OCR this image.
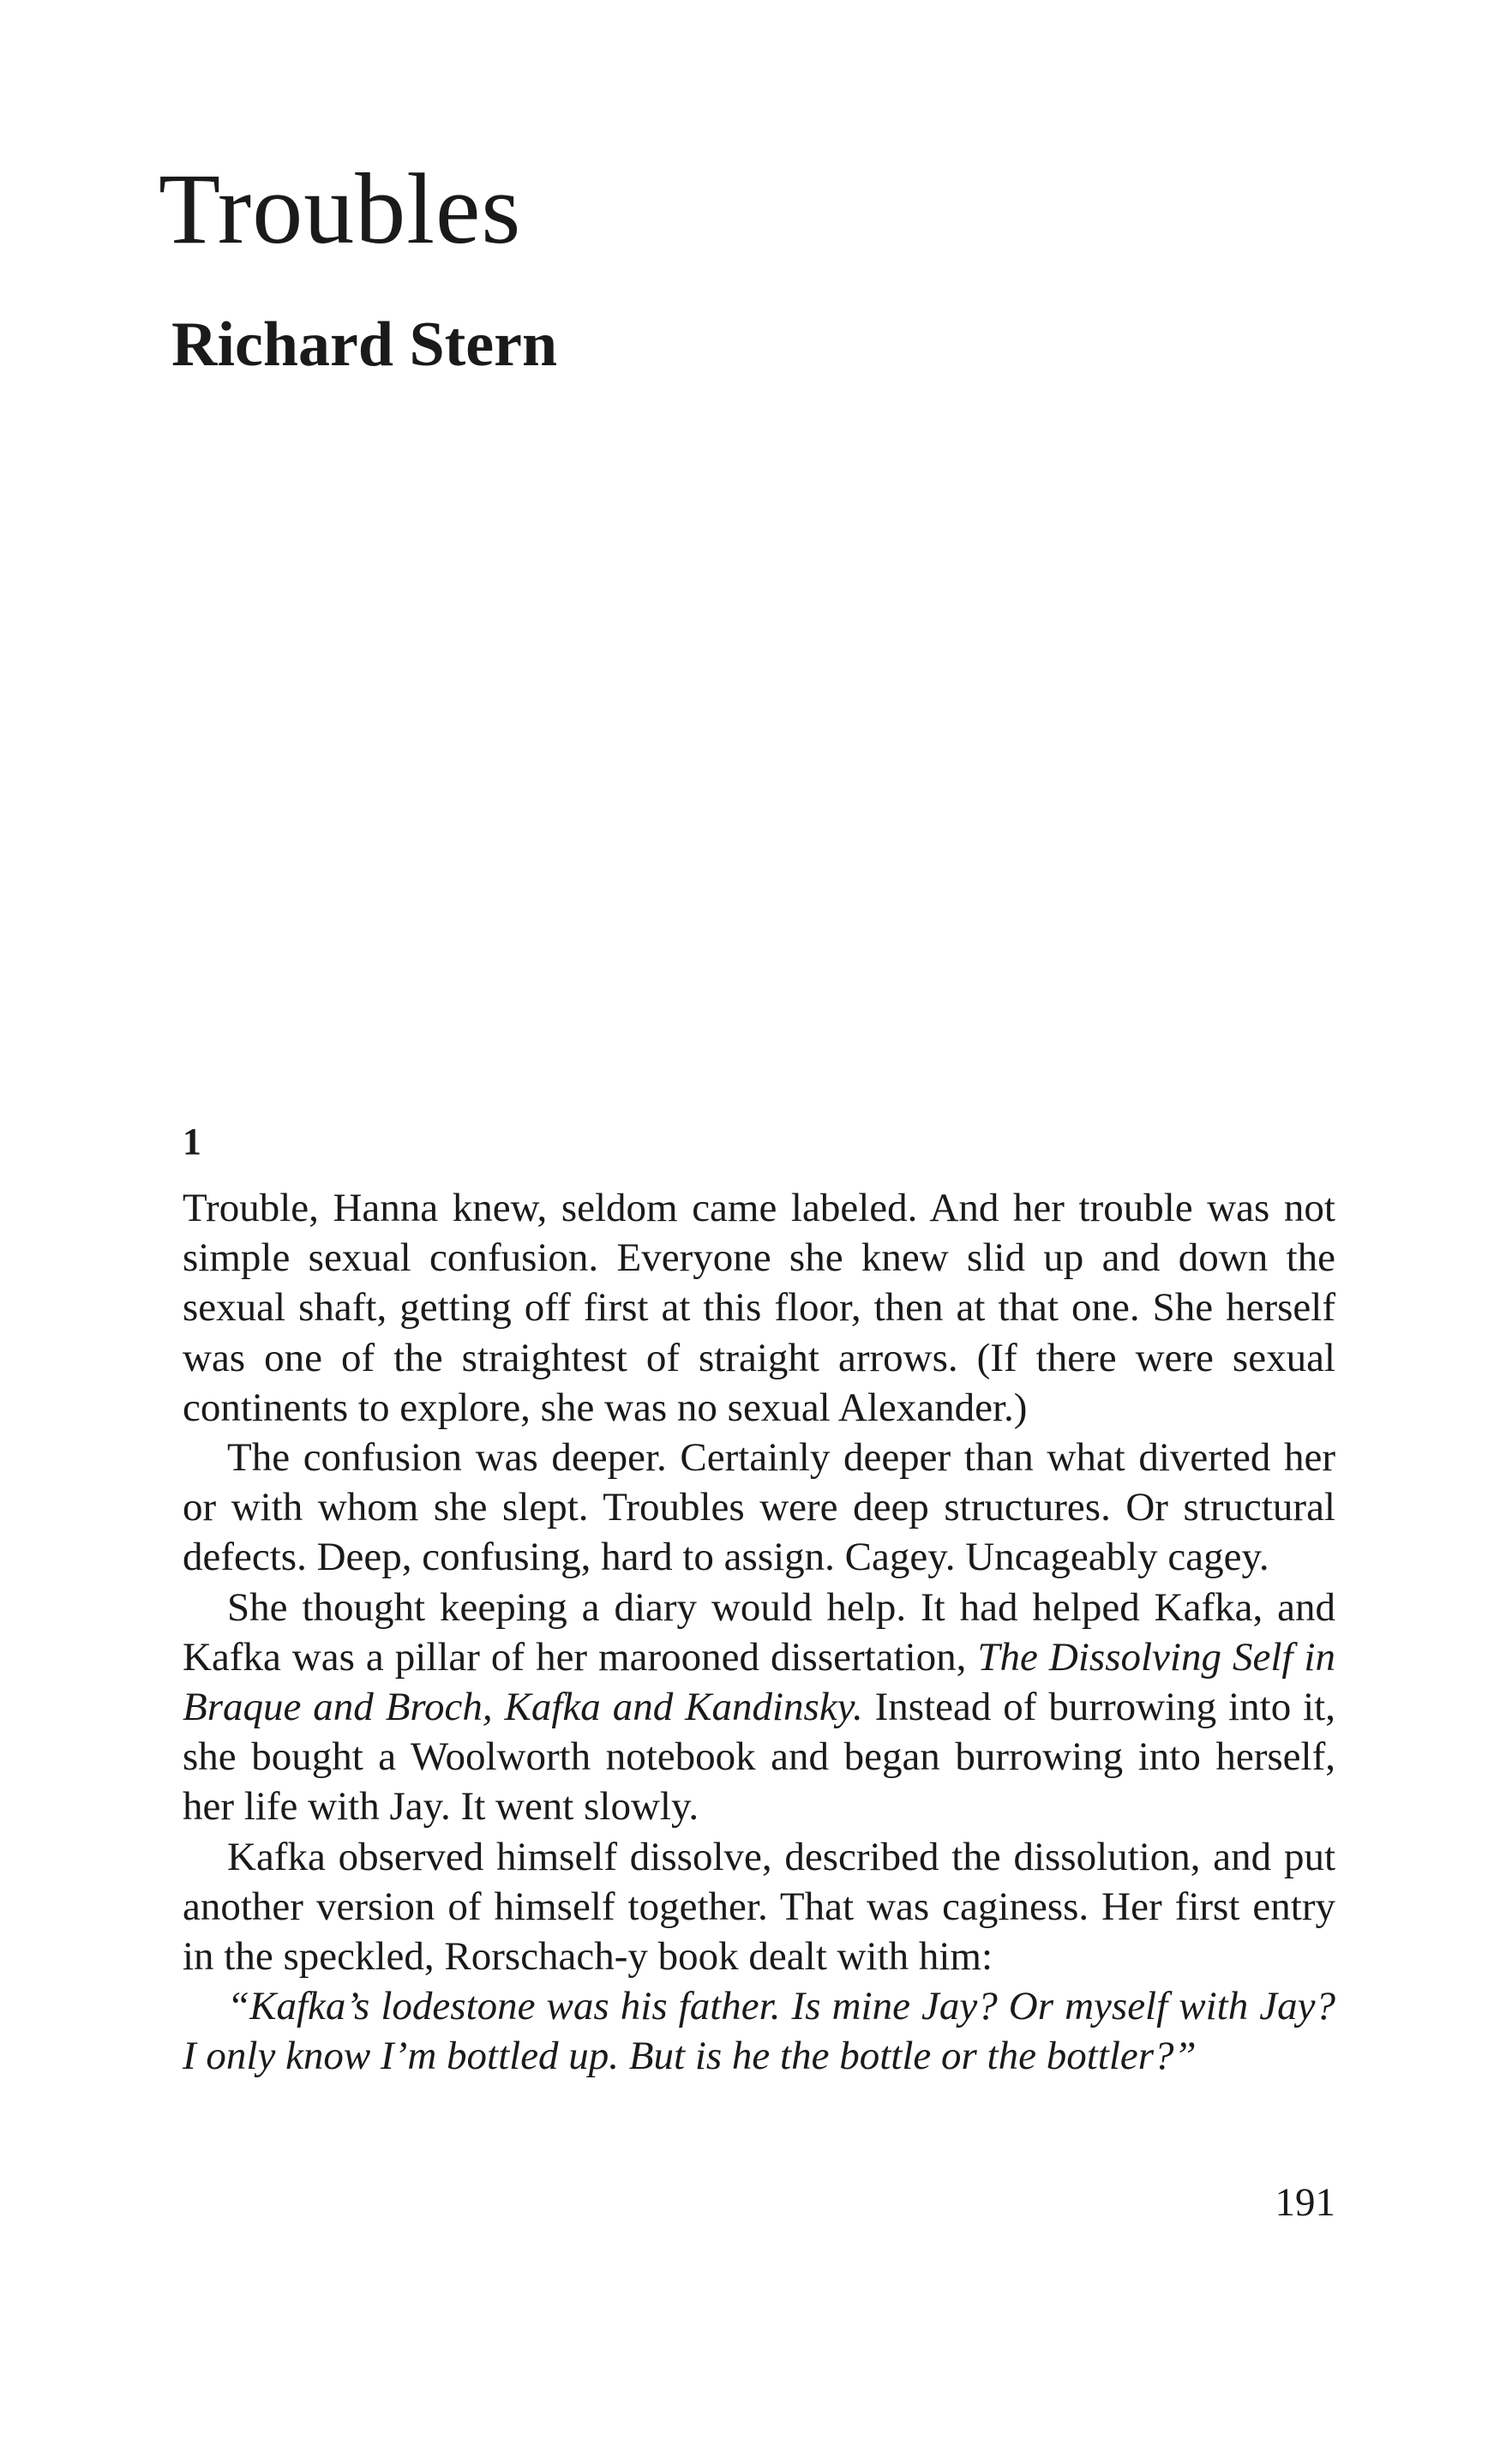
Troubles
Richard Stern
1

Trouble, Hanna knew, seldom came labeled. And her trouble was not simple sexual confusion. Everyone she knew slid up and down the sexual shaft, getting off first at this floor, then at that one. She herself was one of the straightest of straight arrows. (If there were sexual continents to explore, she was no sexual Alexander.)

The confusion was deeper. Certainly deeper than what diverted her or with whom she slept. Troubles were deep structures. Or structural defects. Deep, confusing, hard to assign. Cagey. Uncageably cagey.

She thought keeping a diary would help. It had helped Kafka, and Kafka was a pillar of her marooned dissertation, The Dissolving Self in Braque and Broch, Kafka and Kandinsky. Instead of burrowing into it, she bought a Woolworth notebook and began burrowing into herself, her life with Jay. It went slowly.

Kafka observed himself dissolve, described the dissolution, and put another version of himself together. That was caginess. Her first entry in the speckled, Rorschach-y book dealt with him:

“Kafka’s lodestone was his father. Is mine Jay? Or myself with Jay? I only know I’m bottled up. But is he the bottle or the bottler?”

191
